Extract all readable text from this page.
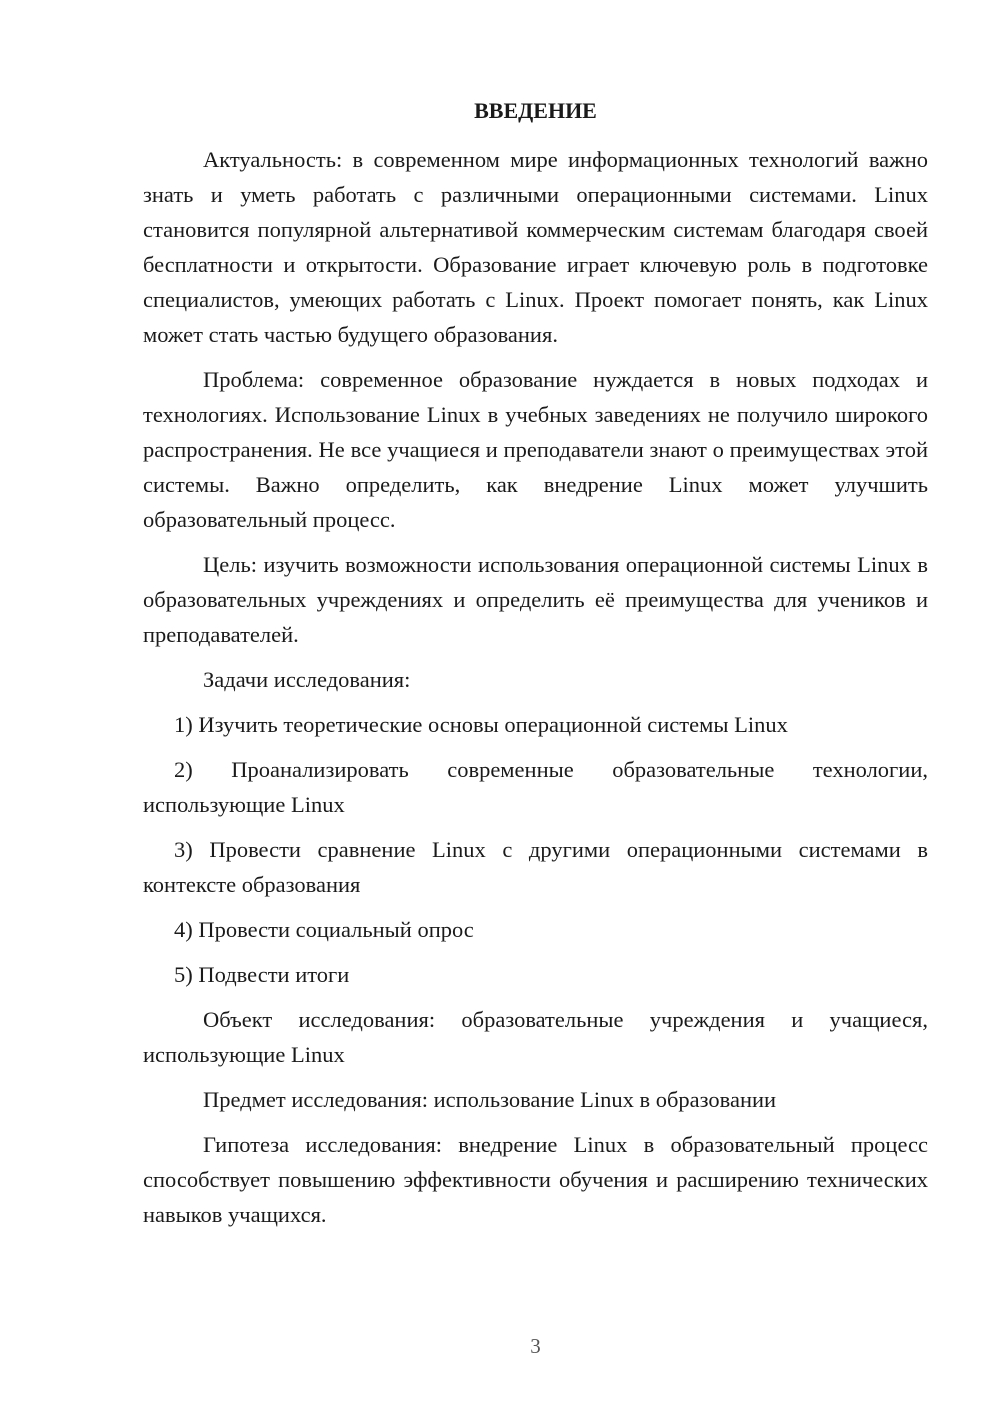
ВВЕДЕНИЕ

Актуальность: в современном мире информационных технологий важно знать и уметь работать с различными операционными системами. Linux становится популярной альтернативой коммерческим системам благодаря своей бесплатности и открытости. Образование играет ключевую роль в подготовке специалистов, умеющих работать с Linux. Проект помогает понять, как Linux может стать частью будущего образования.

Проблема: современное образование нуждается в новых подходах и технологиях. Использование Linux в учебных заведениях не получило широкого распространения. Не все учащиеся и преподаватели знают о преимуществах этой системы. Важно определить, как внедрение Linux может улучшить образовательный процесс.

Цель: изучить возможности использования операционной системы Linux в образовательных учреждениях и определить её преимущества для учеников и преподавателей.

Задачи исследования:

1) Изучить теоретические основы операционной системы Linux

2) Проанализировать современные образовательные технологии, использующие Linux

3) Провести сравнение Linux с другими операционными системами в контексте образования

4) Провести социальный опрос

5) Подвести итоги

Объект исследования: образовательные учреждения и учащиеся, использующие Linux

Предмет исследования: использование Linux в образовании

Гипотеза исследования: внедрение Linux в образовательный процесс способствует повышению эффективности обучения и расширению технических навыков учащихся.

3
